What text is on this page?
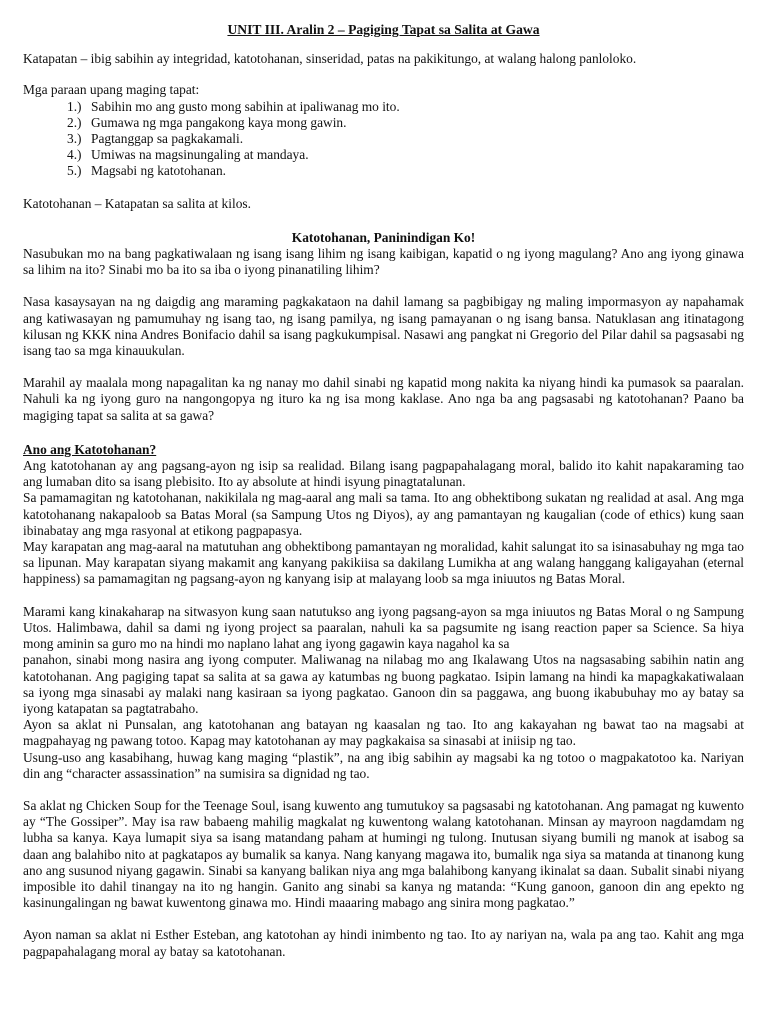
UNIT III. Aralin 2 – Pagiging Tapat sa Salita at Gawa

Katapatan – ibig sabihin ay integridad, katotohanan, sinseridad, patas na pakikitungo, at walang halong panloloko.

Mga paraan upang maging tapat:

1.) Sabihin mo ang gusto mong sabihin at ipaliwanag mo ito.
2.) Gumawa ng mga pangakong kaya mong gawin.
3.) Pagtanggap sa pagkakamali.
4.) Umiwas na magsinungaling at mandaya.
5.) Magsabi ng katotohanan.

Katotohanan – Katapatan sa salita at kilos.

Katotohanan, Paninindigan Ko!

Nasubukan mo na bang pagkatiwalaan ng isang isang lihim ng isang kaibigan, kapatid o ng iyong magulang? Ano ang iyong ginawa sa lihim na ito? Sinabi mo ba ito sa iba o iyong pinanatiling lihim?

Nasa kasaysayan na ng daigdig ang maraming pagkakataon na dahil lamang sa pagbibigay ng maling impormasyon ay napahamak ang katiwasayan ng pamumuhay ng isang tao, ng isang pamilya, ng isang pamayanan o ng isang bansa. Natuklasan ang itinatagong kilusan ng KKK nina Andres Bonifacio dahil sa isang pagkukumpisal. Nasawi ang pangkat ni Gregorio del Pilar dahil sa pagsasabi ng isang tao sa mga kinauukulan.

Marahil ay maalala mong napagalitan ka ng nanay mo dahil sinabi ng kapatid mong nakita ka niyang hindi ka pumasok sa paaralan. Nahuli ka ng iyong guro na nangongopya ng ituro ka ng isa mong kaklase. Ano nga ba ang pagsasabi ng katotohanan? Paano ba magiging tapat sa salita at sa gawa?

Ano ang Katotohanan?

Ang katotohanan ay ang pagsang-ayon ng isip sa realidad. Bilang isang pagpapahalagang moral, balido ito kahit napakaraming tao ang lumaban dito sa isang plebisito. Ito ay absolute at hindi isyung pinagtatalunan.

Sa pamamagitan ng katotohanan, nakikilala ng mag-aaral ang mali sa tama. Ito ang obhektibong sukatan ng realidad at asal. Ang mga katotohanang nakapaloob sa Batas Moral (sa Sampung Utos ng Diyos), ay ang pamantayan ng kaugalian (code of ethics) kung saan ibinabatay ang mga rasyonal at etikong pagpapasya.

May karapatan ang mag-aaral na matutuhan ang obhektibong pamantayan ng moralidad, kahit salungat ito sa isinasabuhay ng mga tao sa lipunan. May karapatan siyang makamit ang kanyang pakikiisa sa dakilang Lumikha at ang walang hanggang kaligayahan (eternal happiness) sa pamamagitan ng pagsang-ayon ng kanyang isip at malayang loob sa mga iniuutos ng Batas Moral.

Marami kang kinakaharap na sitwasyon kung saan natutukso ang iyong pagsang-ayon sa mga iniuutos ng Batas Moral o ng Sampung Utos. Halimbawa, dahil sa dami ng iyong project sa paaralan, nahuli ka sa pagsumite ng isang reaction paper sa Science. Sa hiya mong aminin sa guro mo na hindi mo naplano lahat ang iyong gagawin kaya nagahol ka sa

panahon, sinabi mong nasira ang iyong computer. Maliwanag na nilabag mo ang Ikalawang Utos na nagsasabing sabihin natin ang katotohanan. Ang pagiging tapat sa salita at sa gawa ay katumbas ng buong pagkatao. Isipin lamang na hindi ka mapagkakatiwalaan sa iyong mga sinasabi ay malaki nang kasiraan sa iyong pagkatao. Ganoon din sa paggawa, ang buong ikabubuhay mo ay batay sa iyong katapatan sa pagtatrabaho.

Ayon sa aklat ni Punsalan, ang katotohanan ang batayan ng kaasalan ng tao. Ito ang kakayahan ng bawat tao na magsabi at magpahayag ng pawang totoo. Kapag may katotohanan ay may pagkakaisa sa sinasabi at iniisip ng tao.

Usung-uso ang kasabihang, huwag kang maging “plastik”, na ang ibig sabihin ay magsabi ka ng totoo o magpakatotoo ka. Nariyan din ang “character assassination” na sumisira sa dignidad ng tao.

Sa aklat ng Chicken Soup for the Teenage Soul, isang kuwento ang tumutukoy sa pagsasabi ng katotohanan. Ang pamagat ng kuwento ay “The Gossiper”. May isa raw babaeng mahilig magkalat ng kuwentong walang katotohanan. Minsan ay mayroon nagdamdam ng lubha sa kanya. Kaya lumapit siya sa isang matandang paham at humingi ng tulong. Inutusan siyang bumili ng manok at isabog sa daan ang balahibo nito at pagkatapos ay bumalik sa kanya. Nang kanyang magawa ito, bumalik nga siya sa matanda at tinanong kung ano ang susunod niyang gagawin. Sinabi sa kanyang balikan niya ang mga balahibong kanyang ikinalat sa daan. Subalit sinabi niyang imposible ito dahil tinangay na ito ng hangin. Ganito ang sinabi sa kanya ng matanda: “Kung ganoon, ganoon din ang epekto ng kasinungalingan ng bawat kuwentong ginawa mo. Hindi maaaring mabago ang sinira mong pagkatao.”

Ayon naman sa aklat ni Esther Esteban, ang katotohan ay hindi inimbento ng tao. Ito ay nariyan na, wala pa ang tao. Kahit ang mga pagpapahalagang moral ay batay sa katotohanan.
